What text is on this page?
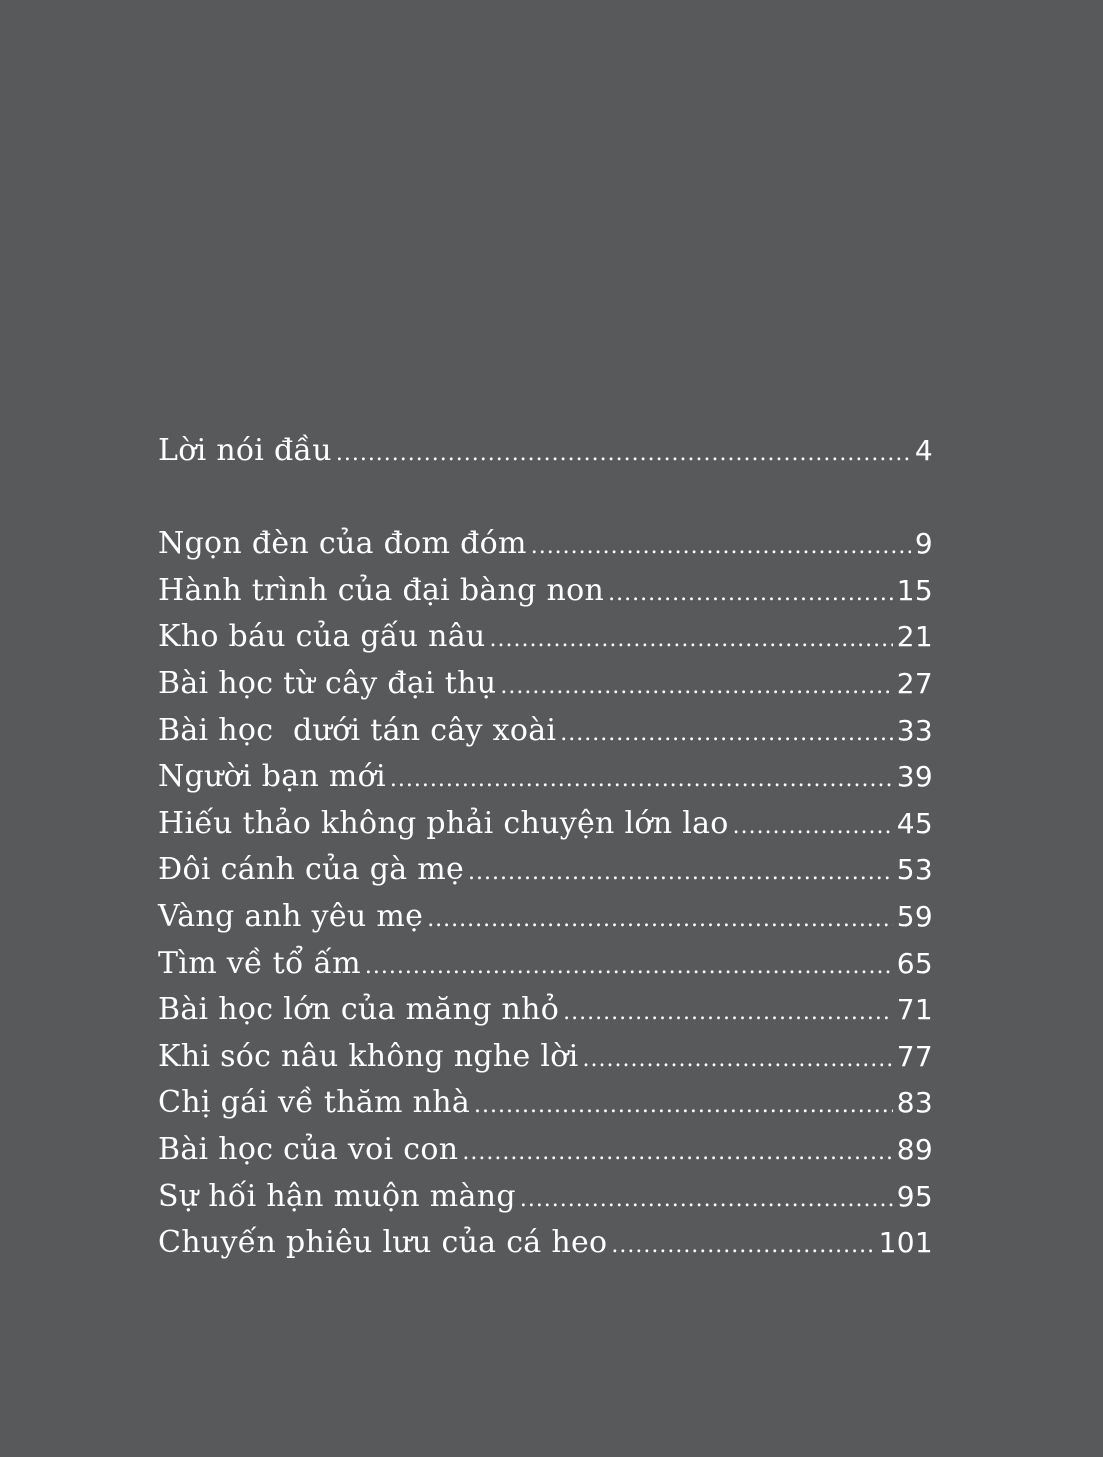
Lời nói đầu .....	4
Ngọn đèn của đom đóm .....	9
Hành trình của đại bàng non .....	15
Kho báu của gấu nâu .....	21
Bài học từ cây đại thụ .....	27
Bài học  dưới tán cây xoài .....	33
Người bạn mới .....	39
Hiếu thảo không phải chuyện lớn lao .....	45
Đôi cánh của gà mẹ .....	53
Vàng anh yêu mẹ .....	59
Tìm về tổ ấm .....	65
Bài học lớn của măng nhỏ .....	71
Khi sóc nâu không nghe lời .....	77
Chị gái về thăm nhà .....	83
Bài học của voi con .....	89
Sự hối hận muộn màng .....	95
Chuyến phiêu lưu của cá heo .....	101
